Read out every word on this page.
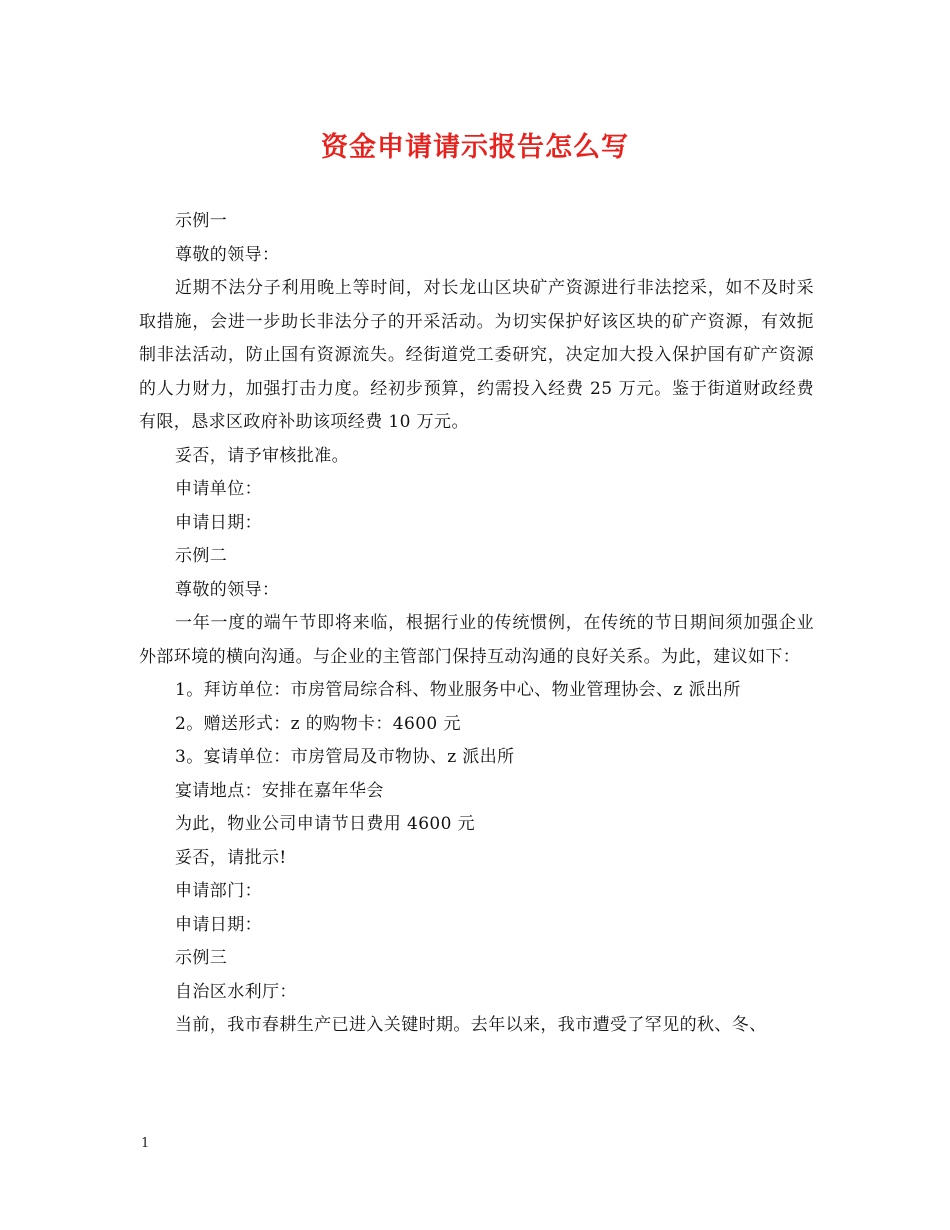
资金申请请示报告怎么写

示例一

尊敬的领导：

近期不法分子利用晚上等时间，对长龙山区块矿产资源进行非法挖采，如不及时采取措施，会进一步助长非法分子的开采活动。为切实保护好该区块的矿产资源，有效扼制非法活动，防止国有资源流失。经街道党工委研究，决定加大投入保护国有矿产资源的人力财力，加强打击力度。经初步预算，约需投入经费 25 万元。鉴于街道财政经费有限，恳求区政府补助该项经费 10 万元。

妥否，请予审核批准。

申请单位：

申请日期：

示例二

尊敬的领导：

一年一度的端午节即将来临，根据行业的传统惯例，在传统的节日期间须加强企业外部环境的横向沟通。与企业的主管部门保持互动沟通的良好关系。为此，建议如下：

1。拜访单位：市房管局综合科、物业服务中心、物业管理协会、z 派出所

2。赠送形式：z 的购物卡：4600 元

3。宴请单位：市房管局及市物协、z 派出所

宴请地点：安排在嘉年华会

为此，物业公司申请节日费用 4600 元

妥否，请批示!

申请部门：

申请日期：

示例三

自治区水利厅：

当前，我市春耕生产已进入关键时期。去年以来，我市遭受了罕见的秋、冬、

1
